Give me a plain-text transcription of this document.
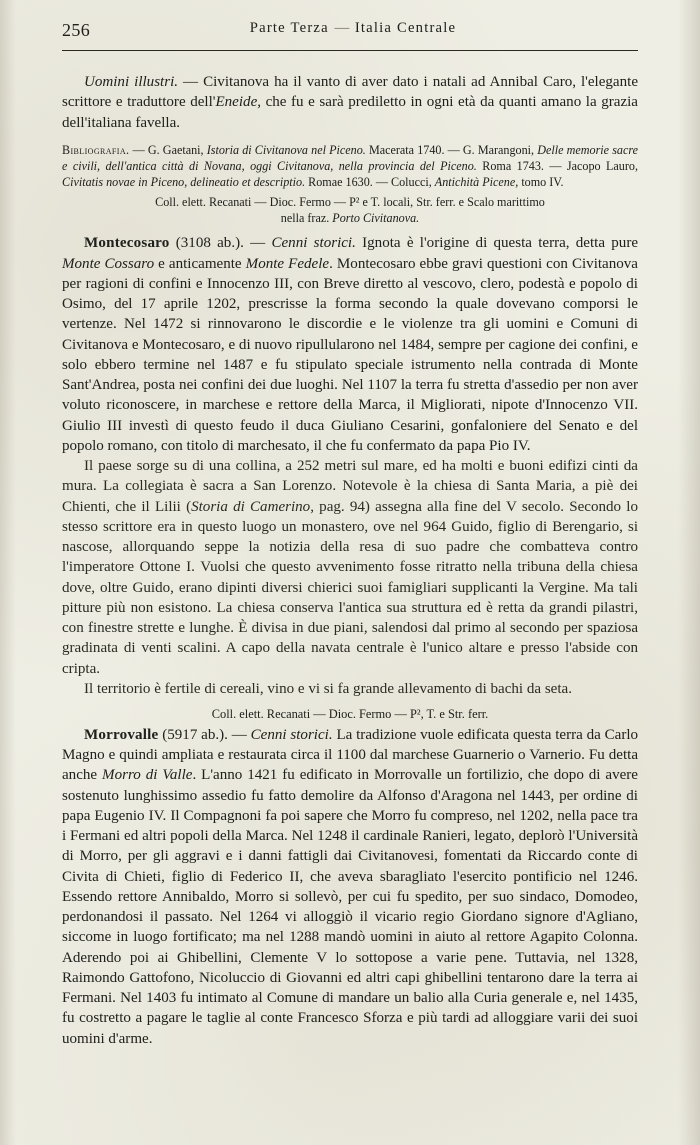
256	Parte Terza — Italia Centrale

Uomini illustri. — Civitanova ha il vanto di aver dato i natali ad Annibal Caro, l'elegante scrittore e traduttore dell'Eneide, che fu e sarà prediletto in ogni età da quanti amano la grazia dell'italiana favella.

Bibliografia. — G. Gaetani, Istoria di Civitanova nel Piceno. Macerata 1740. — G. Marangoni, Delle memorie sacre e civili, dell'antica città di Novana, oggi Civitanova, nella provincia del Piceno. Roma 1743. — Jacopo Lauro, Civitatis novae in Piceno, delineatio et descriptio. Romae 1630. — Colucci, Antichità Picene, tomo IV.

Coll. elett. Recanati — Dioc. Fermo — P² e T. locali, Str. ferr. e Scalo marittimo
nella fraz. Porto Civitanova.

Montecosaro (3108 ab.). — Cenni storici. Ignota è l'origine di questa terra, detta pure Monte Cossaro e anticamente Monte Fedele. Montecosaro ebbe gravi questioni con Civitanova per ragioni di confini e Innocenzo III, con Breve diretto al vescovo, clero, podestà e popolo di Osimo, del 17 aprile 1202, prescrisse la forma secondo la quale dovevano comporsi le vertenze. Nel 1472 si rinnovarono le discordie e le violenze tra gli uomini e Comuni di Civitanova e Montecosaro, e di nuovo ripullularono nel 1484, sempre per cagione dei confini, e solo ebbero termine nel 1487 e fu stipulato speciale istrumento nella contrada di Monte Sant'Andrea, posta nei confini dei due luoghi. Nel 1107 la terra fu stretta d'assedio per non aver voluto riconoscere, in marchese e rettore della Marca, il Migliorati, nipote d'Innocenzo VII. Giulio III investì di questo feudo il duca Giuliano Cesarini, gonfaloniere del Senato e del popolo romano, con titolo di marchesato, il che fu confermato da papa Pio IV.

Il paese sorge su di una collina, a 252 metri sul mare, ed ha molti e buoni edifizi cinti da mura. La collegiata è sacra a San Lorenzo. Notevole è la chiesa di Santa Maria, a piè dei Chienti, che il Lilii (Storia di Camerino, pag. 94) assegna alla fine del V secolo. Secondo lo stesso scrittore era in questo luogo un monastero, ove nel 964 Guido, figlio di Berengario, si nascose, allorquando seppe la notizia della resa di suo padre che combatteva contro l'imperatore Ottone I. Vuolsi che questo avvenimento fosse ritratto nella tribuna della chiesa dove, oltre Guido, erano dipinti diversi chierici suoi famigliari supplicanti la Vergine. Ma tali pitture più non esistono. La chiesa conserva l'antica sua struttura ed è retta da grandi pilastri, con finestre strette e lunghe. È divisa in due piani, salendosi dal primo al secondo per spaziosa gradinata di venti scalini. A capo della navata centrale è l'unico altare e presso l'abside con cripta.

Il territorio è fertile di cereali, vino e vi si fa grande allevamento di bachi da seta.

Coll. elett. Recanati — Dioc. Fermo — P², T. e Str. ferr.

Morrovalle (5917 ab.). — Cenni storici. La tradizione vuole edificata questa terra da Carlo Magno e quindi ampliata e restaurata circa il 1100 dal marchese Guarnerio o Varnerio. Fu detta anche Morro di Valle. L'anno 1421 fu edificato in Morrovalle un fortilizio, che dopo di avere sostenuto lunghissimo assedio fu fatto demolire da Alfonso d'Aragona nel 1443, per ordine di papa Eugenio IV. Il Compagnoni fa poi sapere che Morro fu compreso, nel 1202, nella pace tra i Fermani ed altri popoli della Marca. Nel 1248 il cardinale Ranieri, legato, deplorò l'Università di Morro, per gli aggravi e i danni fattigli dai Civitanovesi, fomentati da Riccardo conte di Civita di Chieti, figlio di Federico II, che aveva sbaragliato l'esercito pontificio nel 1246. Essendo rettore Annibaldo, Morro si sollevò, per cui fu spedito, per suo sindaco, Domodeo, perdonandosi il passato. Nel 1264 vi alloggiò il vicario regio Giordano signore d'Agliano, siccome in luogo fortificato; ma nel 1288 mandò uomini in aiuto al rettore Agapito Colonna. Aderendo poi ai Ghibellini, Clemente V lo sottopose a varie pene. Tuttavia, nel 1328, Raimondo Gattofono, Nicoluccio di Giovanni ed altri capi ghibellini tentarono dare la terra ai Fermani. Nel 1403 fu intimato al Comune di mandare un balio alla Curia generale e, nel 1435, fu costretto a pagare le taglie al conte Francesco Sforza e più tardi ad alloggiare varii dei suoi uomini d'arme.
